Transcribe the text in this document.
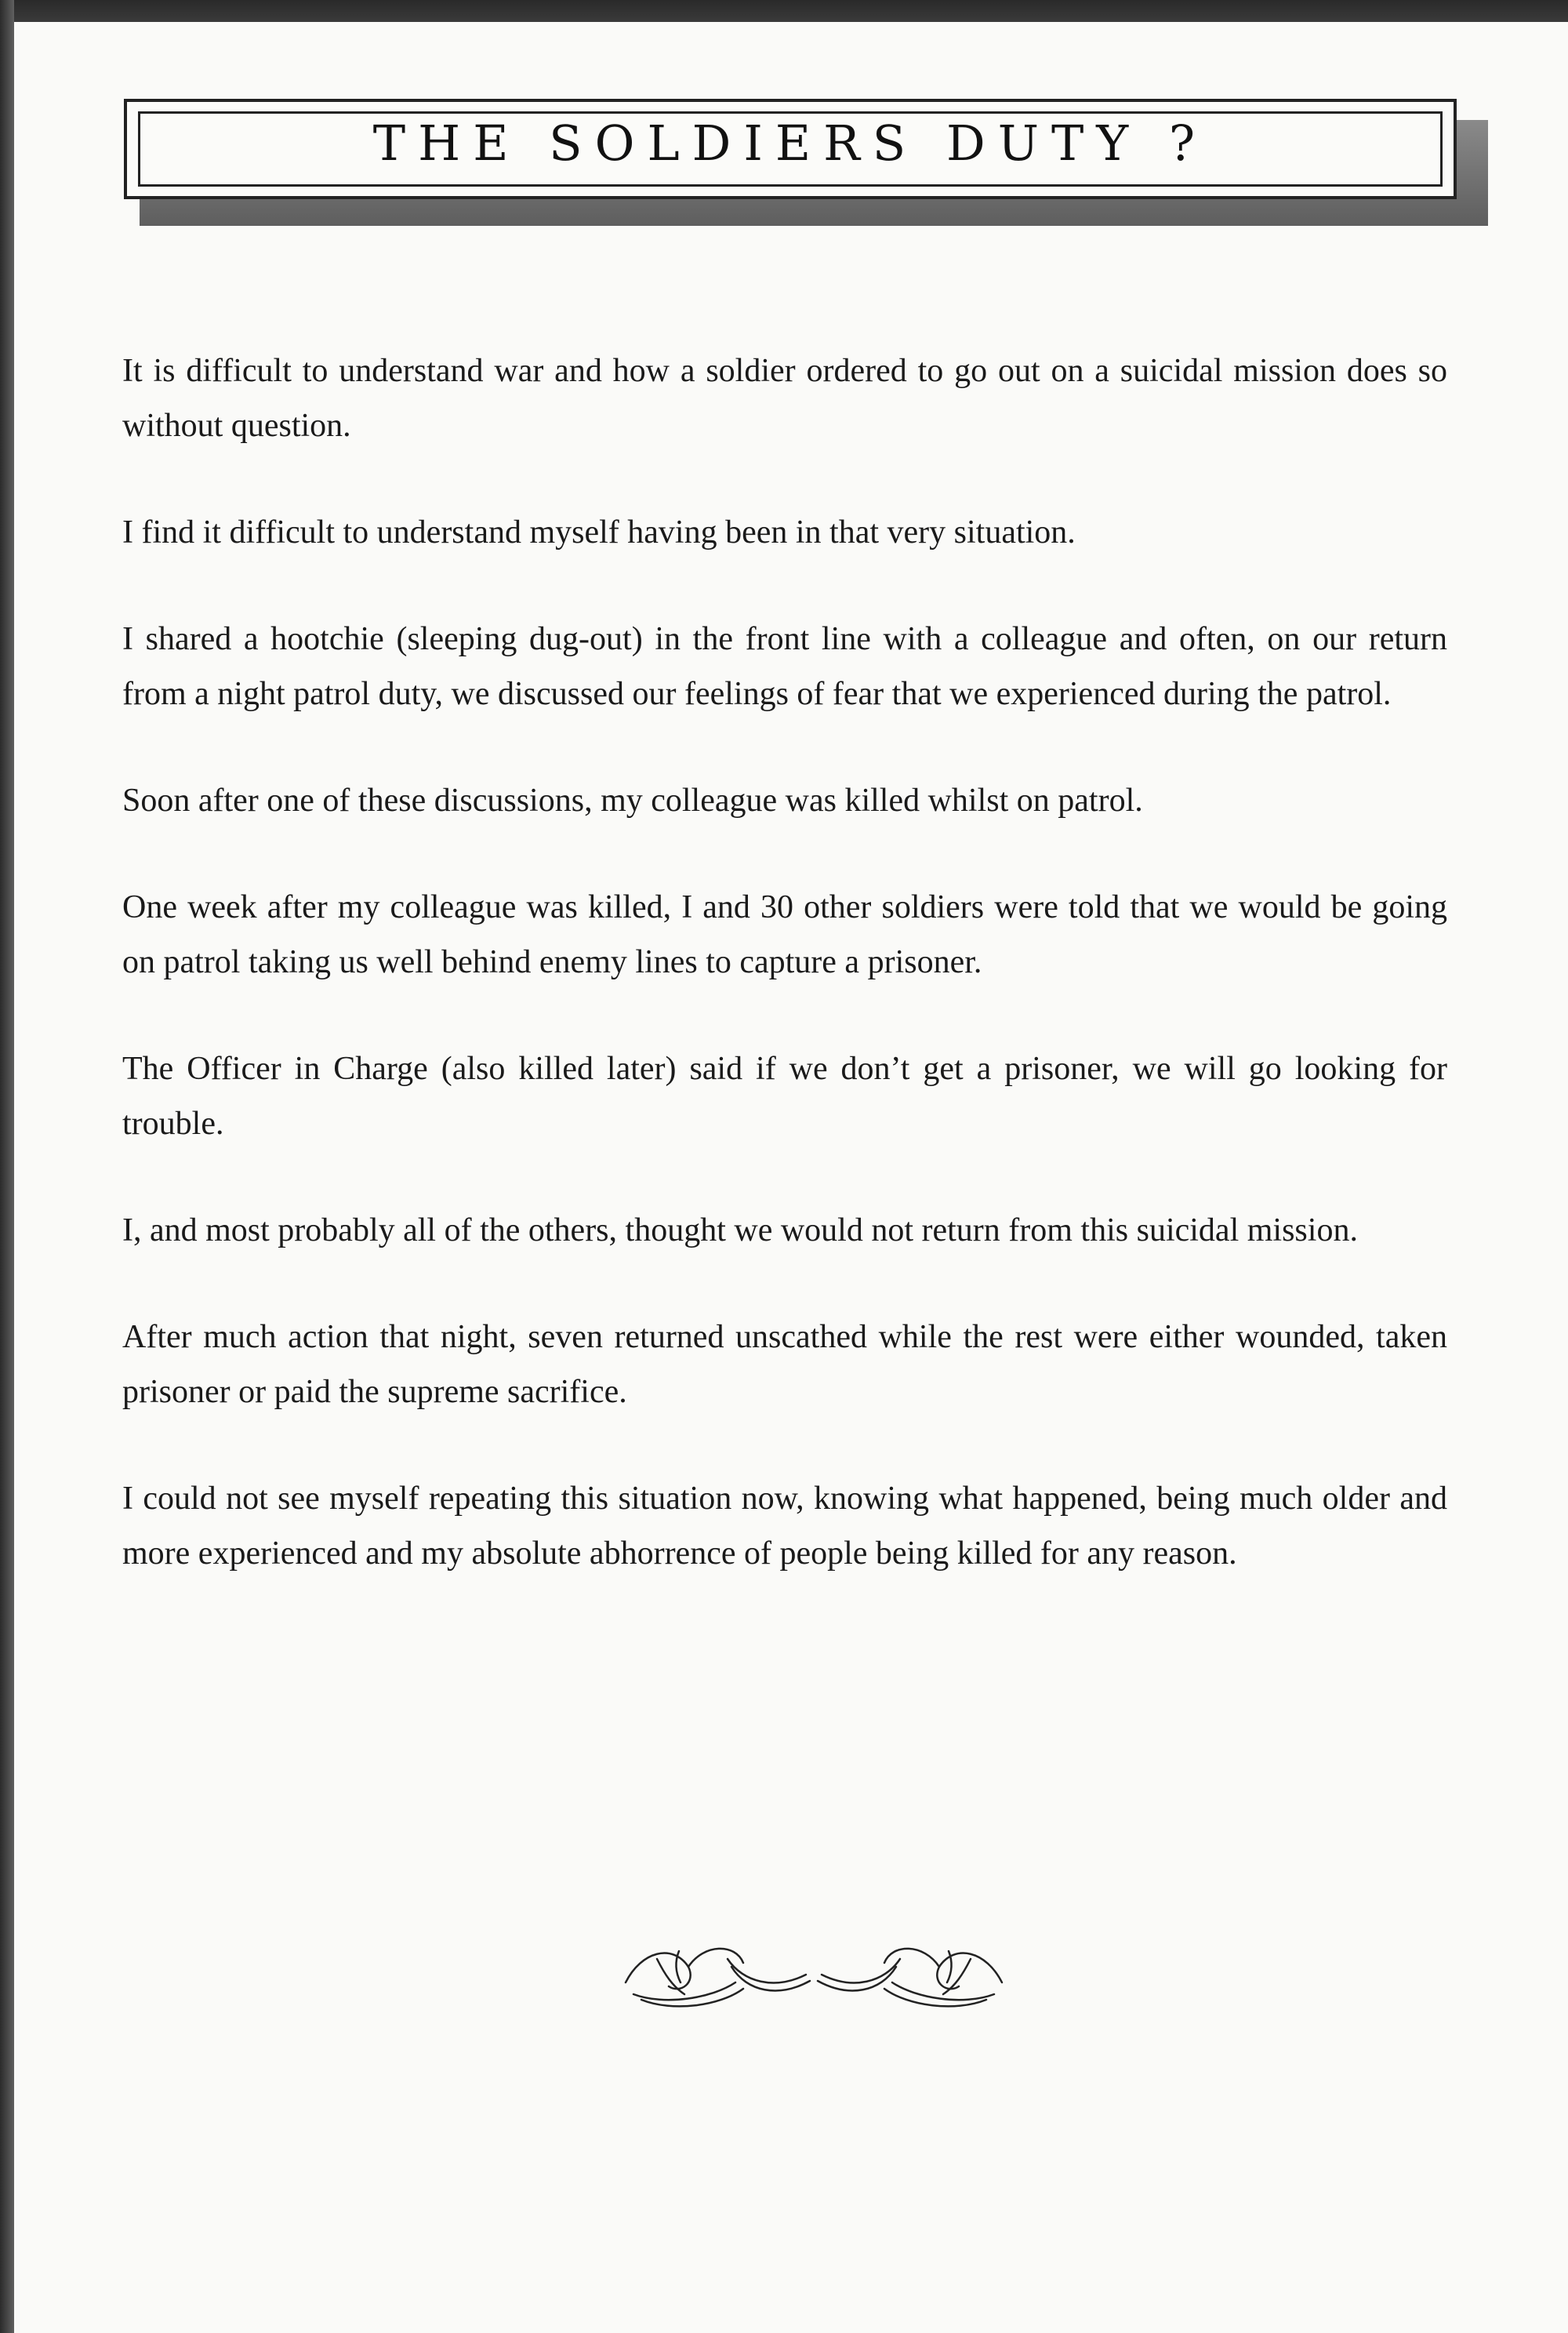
THE SOLDIERS DUTY ?

It is difficult to understand war and how a soldier ordered to go out on a suicidal mission does so without question.

I find it difficult to understand myself having been in that very situation.

I shared a hootchie (sleeping dug-out) in the front line with a colleague and often, on our return from a night patrol duty, we discussed our feelings of fear that we experienced during the patrol.

Soon after one of these discussions, my colleague was killed whilst on patrol.

One week after my colleague was killed, I and 30 other soldiers were told that we would be going on patrol taking us well behind enemy lines to capture a prisoner.

The Officer in Charge (also killed later) said if we don’t get a prisoner, we will go looking for trouble.

I, and most probably all of the others, thought we would not return from this suicidal mission.

After much action that night, seven returned unscathed while the rest were either wounded, taken prisoner or paid the supreme sacrifice.

I could not see myself repeating this situation now, knowing what happened, being much older and more experienced and my absolute abhorrence of people being killed for any reason.
